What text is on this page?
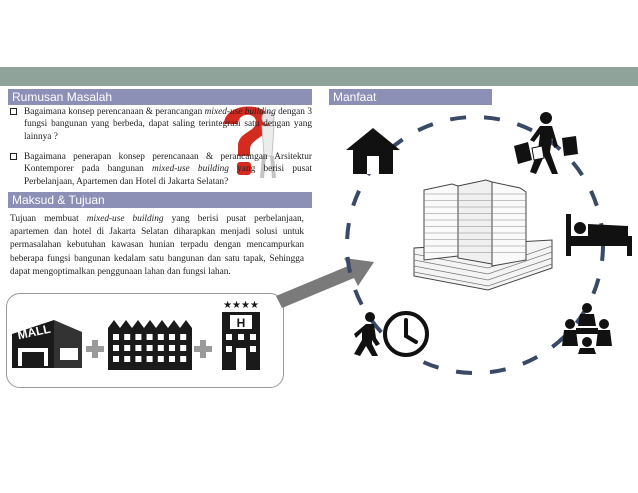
Rumusan Masalah	Manfaat
Maksud & Tujuan
Bagaimana konsep perencanaan & perancangan mixed-use building dengan 3 fungsi bangunan yang berbeda, dapat saling terintegrasi satu dengan yang lainnya ?
Bagaimana penerapan konsep perencanaan & perancangan Arsitektur Kontemporer pada bangunan mixed-use building yang berisi pusat Perbelanjaan, Apartemen dan Hotel di Jakarta Selatan?
Tujuan membuat mixed-use building yang berisi pusat perbelanjaan, apartemen dan hotel di Jakarta Selatan diharapkan menjadi solusi untuk permasalahan kebutuhan kawasan hunian terpadu dengan mencampurkan beberapa fungsi bangunan kedalam satu bangunan dan satu tapak, Sehingga dapat mengoptimalkan penggunaan lahan dan fungsi lahan.
MALL
★★★★
H
